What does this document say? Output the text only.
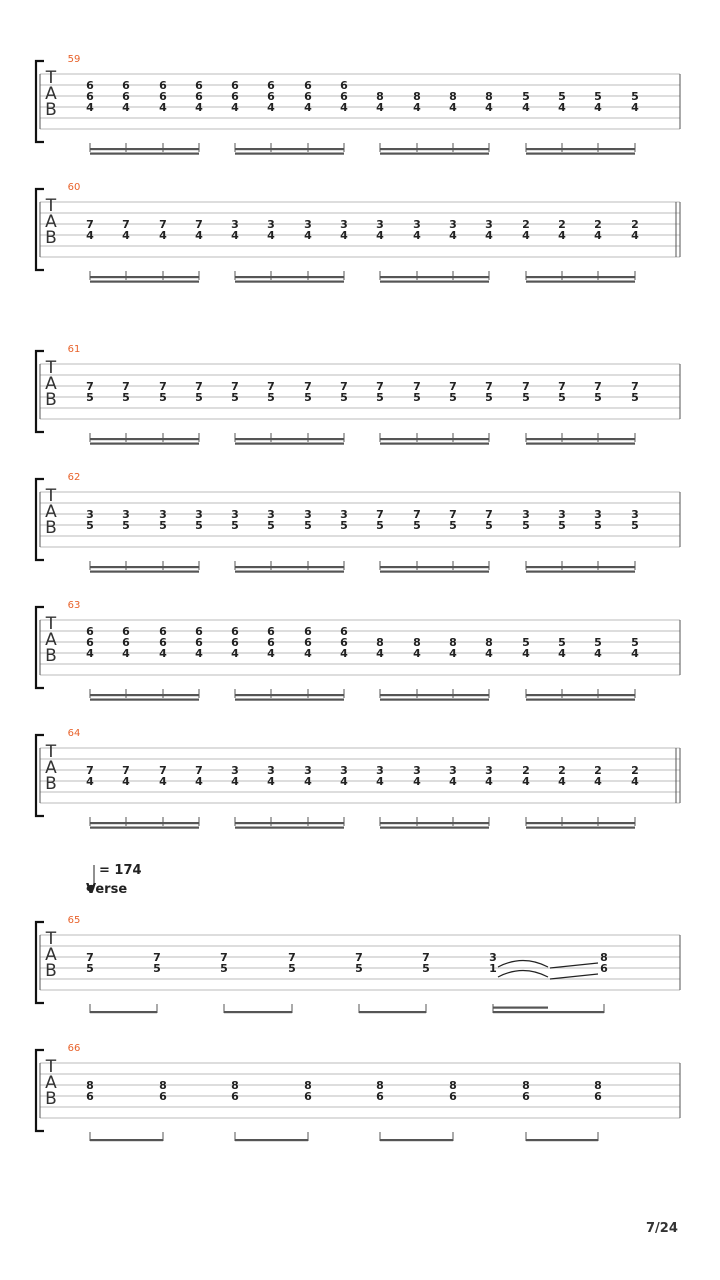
59
T
A
B
6
6
4
6
6
4
6
6
4
6
6
4
6
6
4
6
6
4
6
6
4
6
6
4
8
4
8
4
8
4
8
4
5
4
5
4
5
4
5
4
60
T
A
B
7
4
7
4
7
4
7
4
3
4
3
4
3
4
3
4
3
4
3
4
3
4
3
4
2
4
2
4
2
4
2
4
61
T
A
B
7
5
7
5
7
5
7
5
7
5
7
5
7
5
7
5
7
5
7
5
7
5
7
5
7
5
7
5
7
5
7
5
62
T
A
B
3
5
3
5
3
5
3
5
3
5
3
5
3
5
3
5
7
5
7
5
7
5
7
5
3
5
3
5
3
5
3
5
63
T
A
B
6
6
4
6
6
4
6
6
4
6
6
4
6
6
4
6
6
4
6
6
4
6
6
4
8
4
8
4
8
4
8
4
5
4
5
4
5
4
5
4
64
T
A
B
7
4
7
4
7
4
7
4
3
4
3
4
3
4
3
4
3
4
3
4
3
4
3
4
2
4
2
4
2
4
2
4
65
T
A
B
7
5
7
5
7
5
7
5
7
5
7
5
3
1
8
6
66
T
A
B
8
6
8
6
8
6
8
6
8
6
8
6
8
6
8
6
= 174
Verse
7/24
